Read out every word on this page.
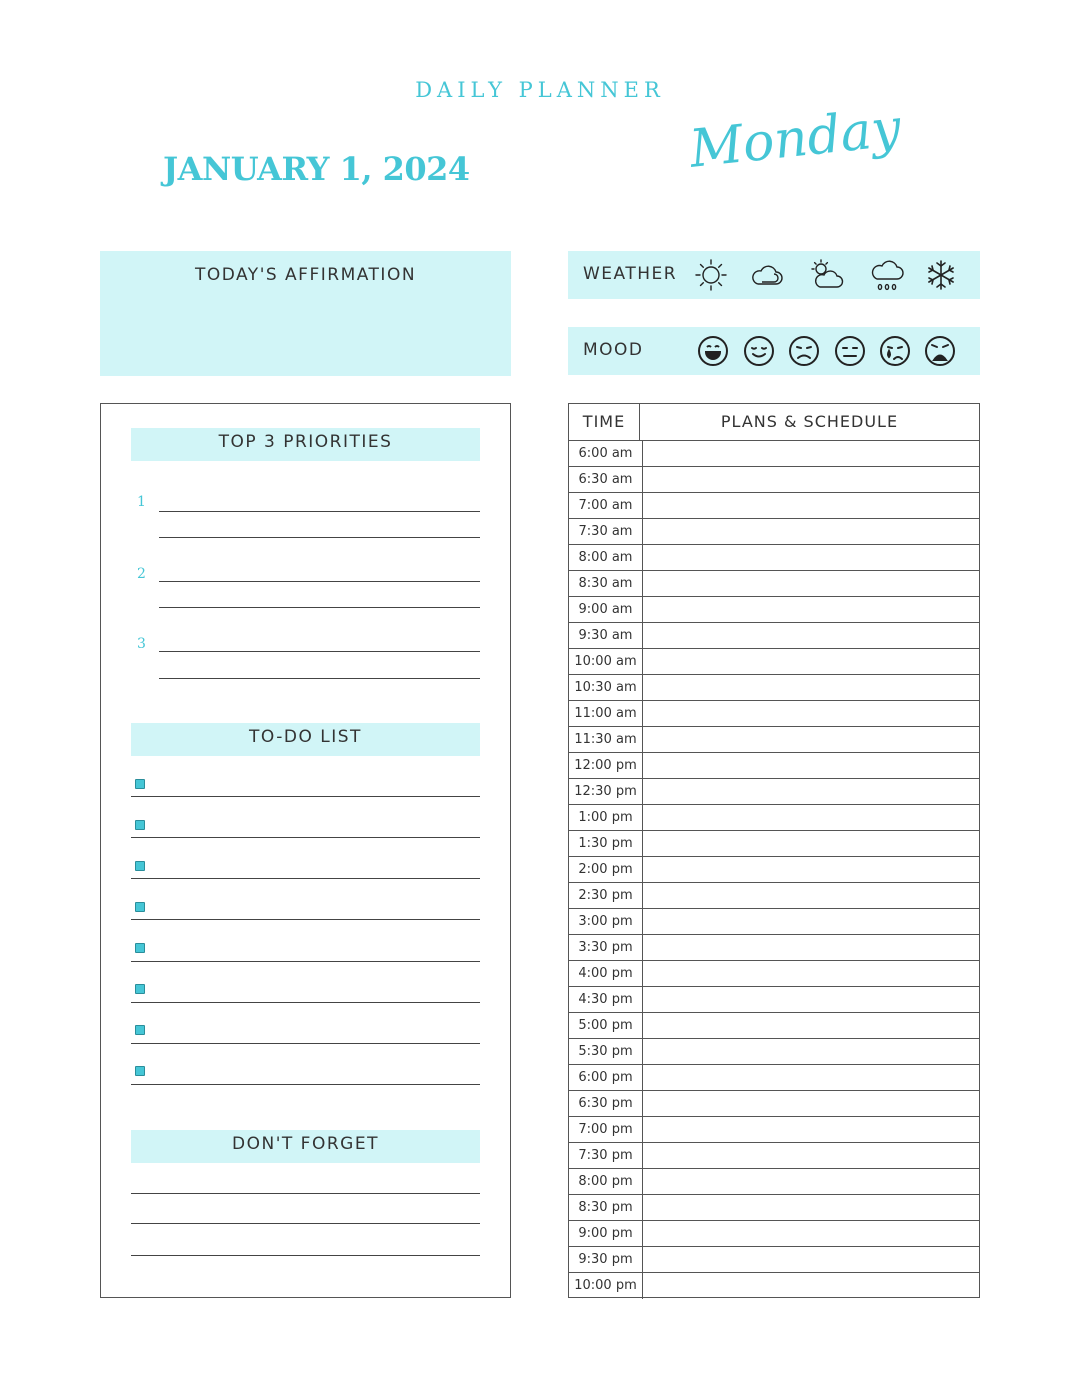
DAILY PLANNER
JANUARY 1, 2024	Monday
TODAY'S AFFIRMATION	WEATHER
MOOD
TOP 3 PRIORITIES
1
2
3
TO-DO LIST
DON'T FORGET
TIME	PLANS & SCHEDULE
6:00 am
6:30 am
7:00 am
7:30 am
8:00 am
8:30 am
9:00 am
9:30 am
10:00 am
10:30 am
11:00 am
11:30 am
12:00 pm
12:30 pm
1:00 pm
1:30 pm
2:00 pm
2:30 pm
3:00 pm
3:30 pm
4:00 pm
4:30 pm
5:00 pm
5:30 pm
6:00 pm
6:30 pm
7:00 pm
7:30 pm
8:00 pm
8:30 pm
9:00 pm
9:30 pm
10:00 pm
